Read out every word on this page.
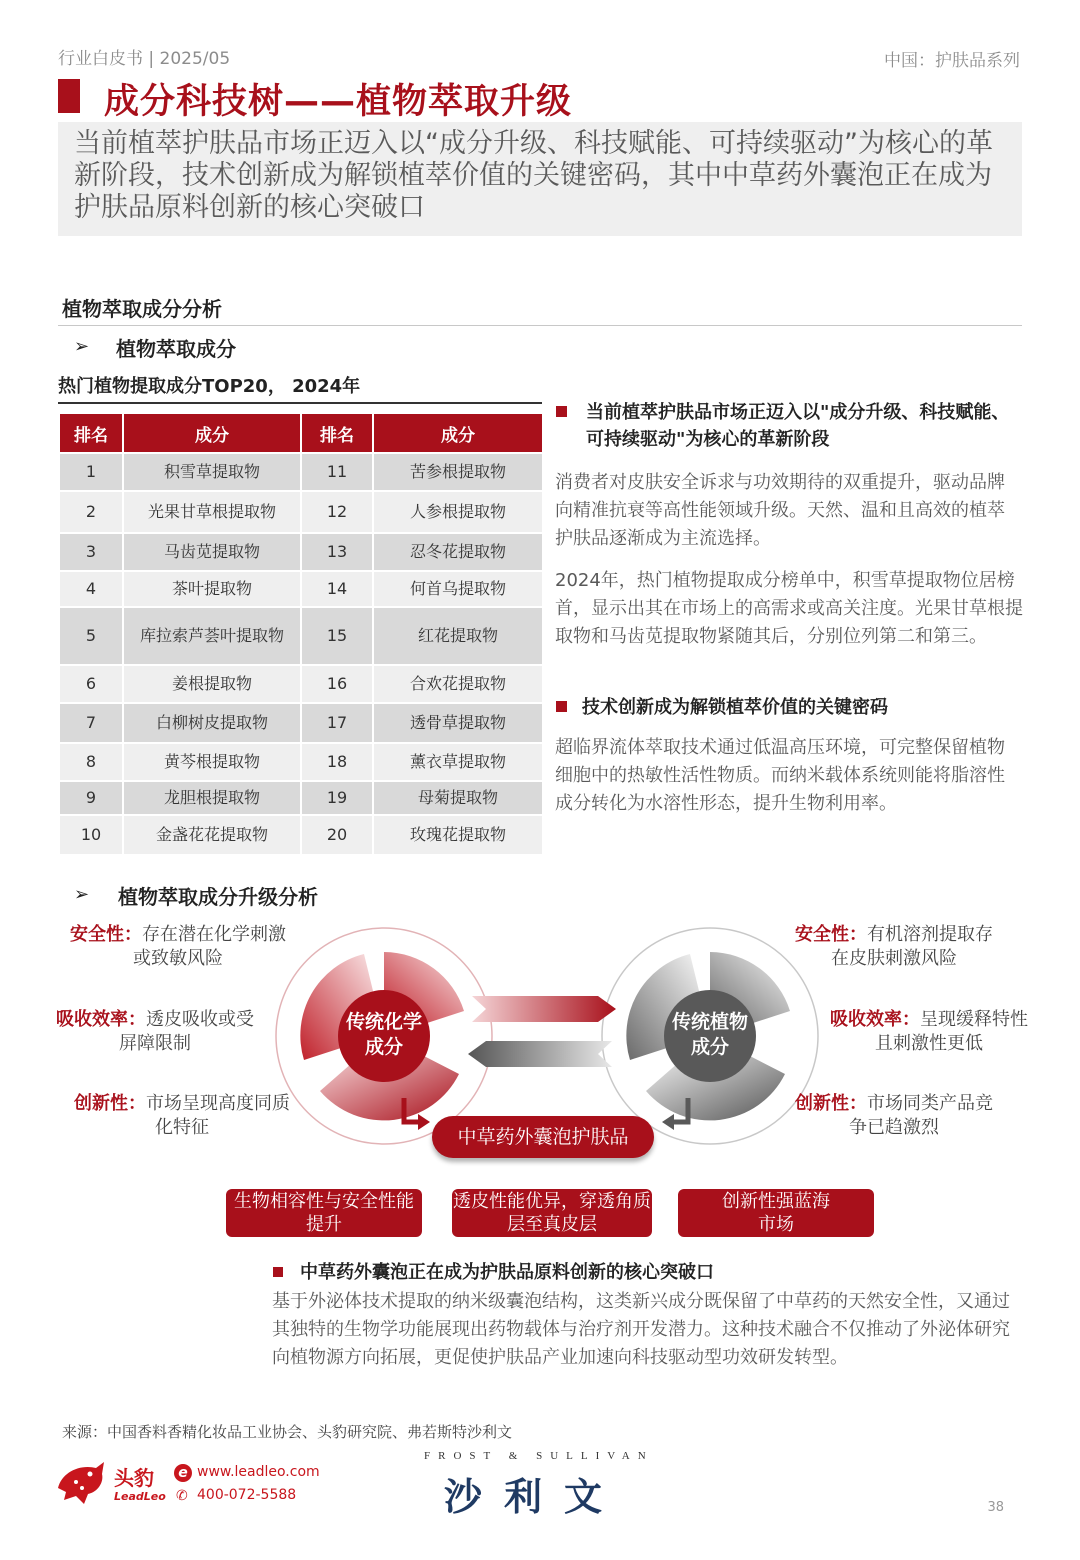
行业白皮书 | 2025/05	中国：护肤品系列
成分科技树——植物萃取升级
当前植萃护肤品市场正迈入以“成分升级、科技赋能、可持续驱动”为核心的革新阶段，技术创新成为解锁植萃价值的关键密码，其中中草药外囊泡正在成为护肤品原料创新的核心突破口
植物萃取成分分析
➢ 植物萃取成分
热门植物提取成分TOP20， 2024年
排名	成分	排名	成分
1	积雪草提取物	11	苦参根提取物
2	光果甘草根提取物	12	人参根提取物
3	马齿苋提取物	13	忍冬花提取物
4	茶叶提取物	14	何首乌提取物
5	库拉索芦荟叶提取物	15	红花提取物
6	姜根提取物	16	合欢花提取物
7	白柳树皮提取物	17	透骨草提取物
8	黄芩根提取物	18	薰衣草提取物
9	龙胆根提取物	19	母菊提取物
10	金盏花花提取物	20	玫瑰花提取物
当前植萃护肤品市场正迈入以"成分升级、科技赋能、可持续驱动"为核心的革新阶段
消费者对皮肤安全诉求与功效期待的双重提升，驱动品牌向精准抗衰等高性能领域升级。天然、温和且高效的植萃护肤品逐渐成为主流选择。
2024年，热门植物提取成分榜单中，积雪草提取物位居榜首，显示出其在市场上的高需求或高关注度。光果甘草根提取物和马齿苋提取物紧随其后，分别位列第二和第三。
技术创新成为解锁植萃价值的关键密码
超临界流体萃取技术通过低温高压环境，可完整保留植物细胞中的热敏性活性物质。而纳米载体系统则能将脂溶性成分转化为水溶性形态，提升生物利用率。
➢ 植物萃取成分升级分析
传统化学成分
传统植物成分
安全性：存在潜在化学刺激或致敏风险
吸收效率：透皮吸收或受屏障限制
创新性：市场呈现高度同质化特征
安全性：有机溶剂提取存在皮肤刺激风险
吸收效率：呈现缓释特性且刺激性更低
创新性：市场同类产品竞争已趋激烈
中草药外囊泡护肤品
生物相容性与安全性能提升
透皮性能优异，穿透角质层至真皮层
创新性强蓝海市场
中草药外囊泡正在成为护肤品原料创新的核心突破口
基于外泌体技术提取的纳米级囊泡结构，这类新兴成分既保留了中草药的天然安全性，又通过其独特的生物学功能展现出药物载体与治疗剂开发潜力。这种技术融合不仅推动了外泌体研究向植物源方向拓展，更促使护肤品产业加速向科技驱动型功效研发转型。
来源：中国香料香精化妆品工业协会、头豹研究院、弗若斯特沙利文
头豹
LeadLeo
e www.leadleo.com
✆ 400-072-5588
FROST & SULLIVAN
沙利文	38
